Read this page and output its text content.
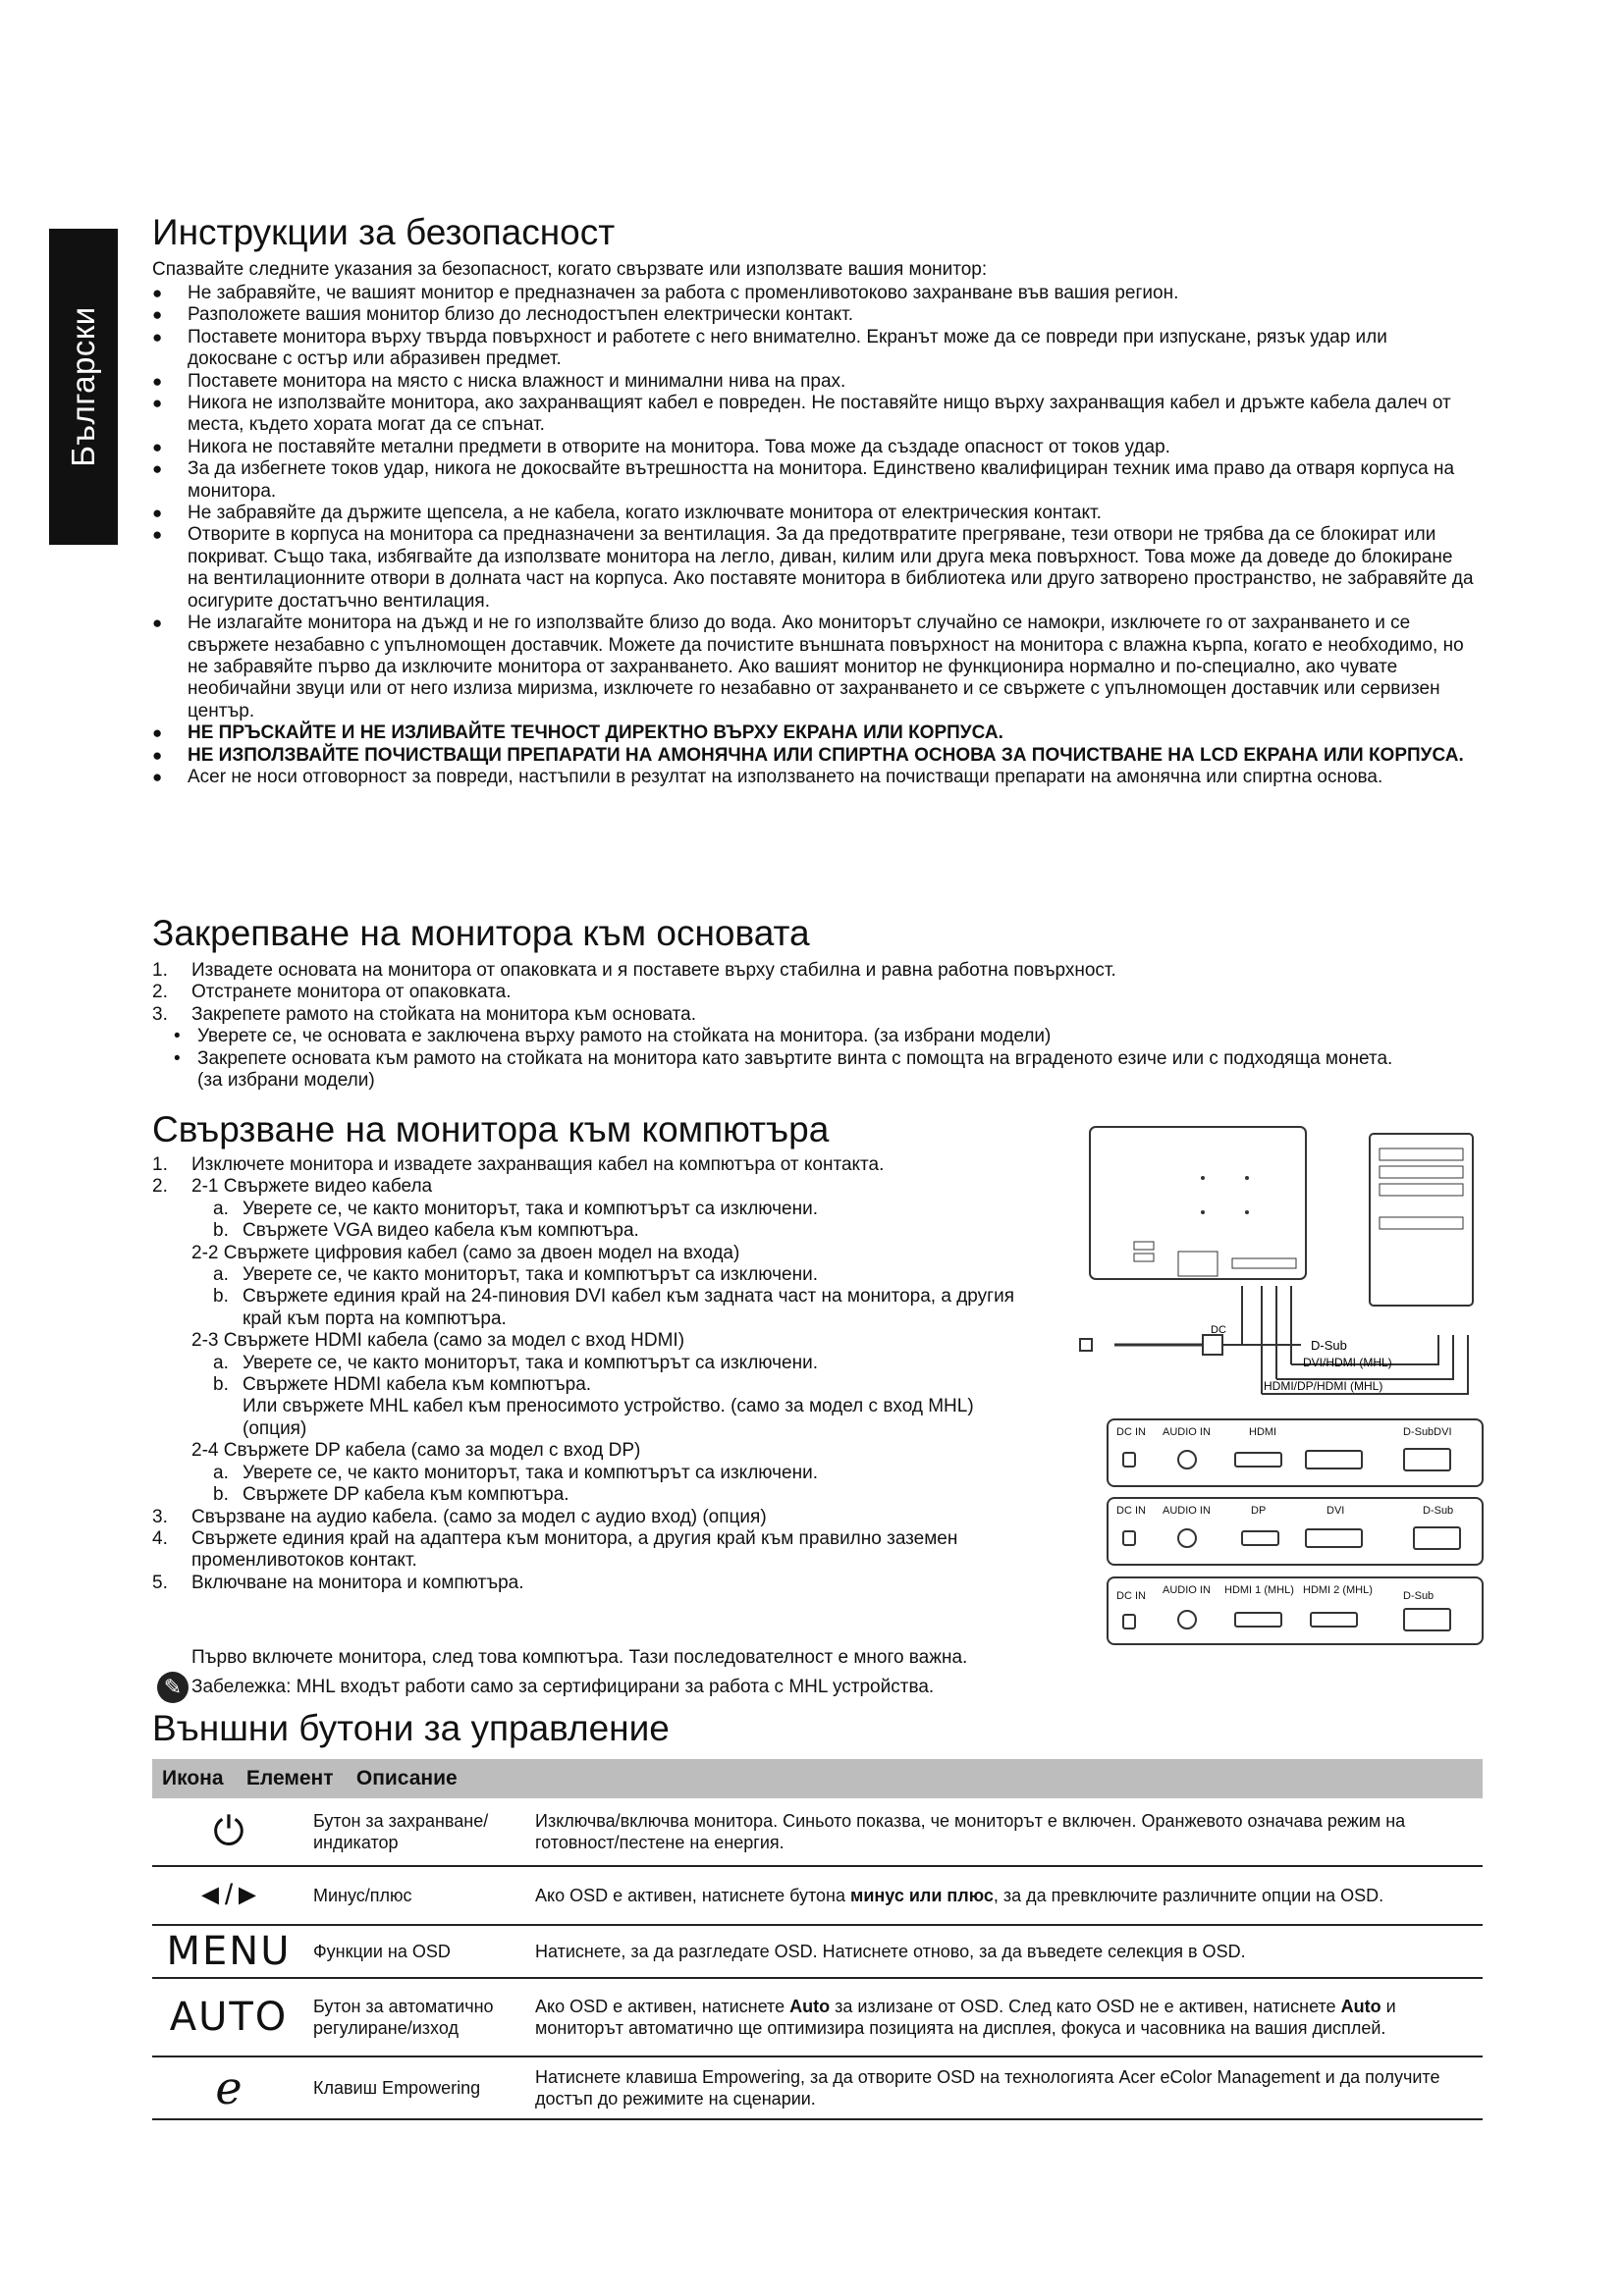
Български
Инструкции за безопасност

Спазвайте следните указания за безопасност, когато свързвате или използвате вашия монитор:

● Не забравяйте, че вашият монитор е предназначен за работа с променливотоково захранване във вашия регион.
● Разположете вашия монитор близо до леснодостъпен електрически контакт.
● Поставете монитора върху твърда повърхност и работете с него внимателно. Екранът може да се повреди при изпускане, рязък удар или докосване с остър или абразивен предмет.
● Поставете монитора на място с ниска влажност и минимални нива на прах.
● Никога не използвайте монитора, ако захранващият кабел е повреден. Не поставяйте нищо върху захранващия кабел и дръжте кабела далеч от места, където хората могат да се спънат.
● Никога не поставяйте метални предмети в отворите на монитора. Това може да създаде опасност от токов удар.
● За да избегнете токов удар, никога не докосвайте вътрешността на монитора. Единствено квалифициран техник има право да отваря корпуса на монитора.
● Не забравяйте да държите щепсела, а не кабела, когато изключвате монитора от електрическия контакт.
● Отворите в корпуса на монитора са предназначени за вентилация. За да предотвратите прегряване, тези отвори не трябва да се блокират или покриват. Също така, избягвайте да използвате монитора на легло, диван, килим или друга мека повърхност. Това може да доведе до блокиране на вентилационните отвори в долната част на корпуса. Ако поставяте монитора в библиотека или друго затворено пространство, не забравяйте да осигурите достатъчно вентилация.
● Не излагайте монитора на дъжд и не го използвайте близо до вода. Ако мониторът случайно се намокри, изключете го от захранването и се свържете незабавно с упълномощен доставчик. Можете да почистите външната повърхност на монитора с влажна кърпа, когато е необходимо, но не забравяйте първо да изключите монитора от захранването. Ако вашият монитор не функционира нормално и по-специално, ако чувате необичайни звуци или от него излиза миризма, изключете го незабавно от захранването и се свържете с упълномощен доставчик или сервизен център.
● НЕ ПРЪСКАЙТЕ И НЕ ИЗЛИВАЙТЕ ТЕЧНОСТ ДИРЕКТНО ВЪРХУ ЕКРАНА ИЛИ КОРПУСА.
● НЕ ИЗПОЛЗВАЙТЕ ПОЧИСТВАЩИ ПРЕПАРАТИ НА АМОНЯЧНА ИЛИ СПИРТНА ОСНОВА ЗА ПОЧИСТВАНЕ НА LCD ЕКРАНА ИЛИ КОРПУСА.
● Acer не носи отговорност за повреди, настъпили в резултат на използването на почистващи препарати на амонячна или спиртна основа.
Закрепване на монитора към основата
1. Извадете основата на монитора от опаковката и я поставете върху стабилна и равна работна повърхност.
2. Отстранете монитора от опаковката.
3. Закрепете рамото на стойката на монитора към основата.
• Уверете се, че основата е заключена върху рамото на стойката на монитора. (за избрани модели)
• Закрепете основата към рамото на стойката на монитора като завъртите винта с помощта на вграденото езиче или с подходяща монета. (за избрани модели)
Свързване на монитора към компютъра
1. Изключете монитора и извадете захранващия кабел на компютъра от контакта.
2. 2-1 Свържете видео кабела
a. Уверете се, че както мониторът, така и компютърът са изключени.
b. Свържете VGA видео кабела към компютъра.
2-2 Свържете цифровия кабел (само за двоен модел на входа)
a. Уверете се, че както мониторът, така и компютърът са изключени.
b. Свържете единия край на 24-пиновия DVI кабел към задната част на монитора, а другия край към порта на компютъра.
2-3 Свържете HDMI кабела (само за модел с вход HDMI)
a. Уверете се, че както мониторът, така и компютърът са изключени.
b. Свържете HDMI кабела към компютъра.
Или свържете MHL кабел към преносимото устройство. (само за модел с вход MHL) (опция)
2-4 Свържете DP кабела (само за модел с вход DP)
a. Уверете се, че както мониторът, така и компютърът са изключени.
b. Свържете DP кабела към компютъра.
3. Свързване на аудио кабела. (само за модел с аудио вход) (опция)
4. Свържете единия край на адаптера към монитора, а другия край към правилно заземен променливотоков контакт.
5. Включване на монитора и компютъра.

Първо включете монитора, след това компютъра. Тази последователност е много важна.

✎ Забележка: MHL входът работи само за сертифицирани за работа с MHL устройства.

DC
D-Sub
DVI/HDMI (MHL)
HDMI/DP/HDMI (MHL)
DC IN AUDIO IN	HDMI	D-SubDVI
DC IN AUDIO IN	DP	DVI	D-Sub
DC IN AUDIO IN HDMI 1 (MHL) HDMI 2 (MHL)	D-Sub
Външни бутони за управление
Икона Елемент Описание		
⏻	Бутон за захранване/ индикатор	Изключва/включва монитора. Синьото показва, че мониторът е включен. Оранжевото означава режим на готовност/пестене на енергия.
◄/►	Минус/плюс	Ако OSD е активен, натиснете бутона минус или плюс, за да превключите различните опции на OSD.
MENU	Функции на OSD	Натиснете, за да разгледате OSD. Натиснете отново, за да въведете селекция в OSD.
AUTO	Бутон за автоматично регулиране/изход	Ако OSD е активен, натиснете Auto за излизане от OSD. След като OSD не е активен, натиснете Auto и мониторът автоматично ще оптимизира позицията на дисплея, фокуса и часовника на вашия дисплей.
e	Клавиш Empowering	Натиснете клавиша Empowering, за да отворите OSD на технологията Acer eColor Management и да получите достъп до режимите на сценарии.
